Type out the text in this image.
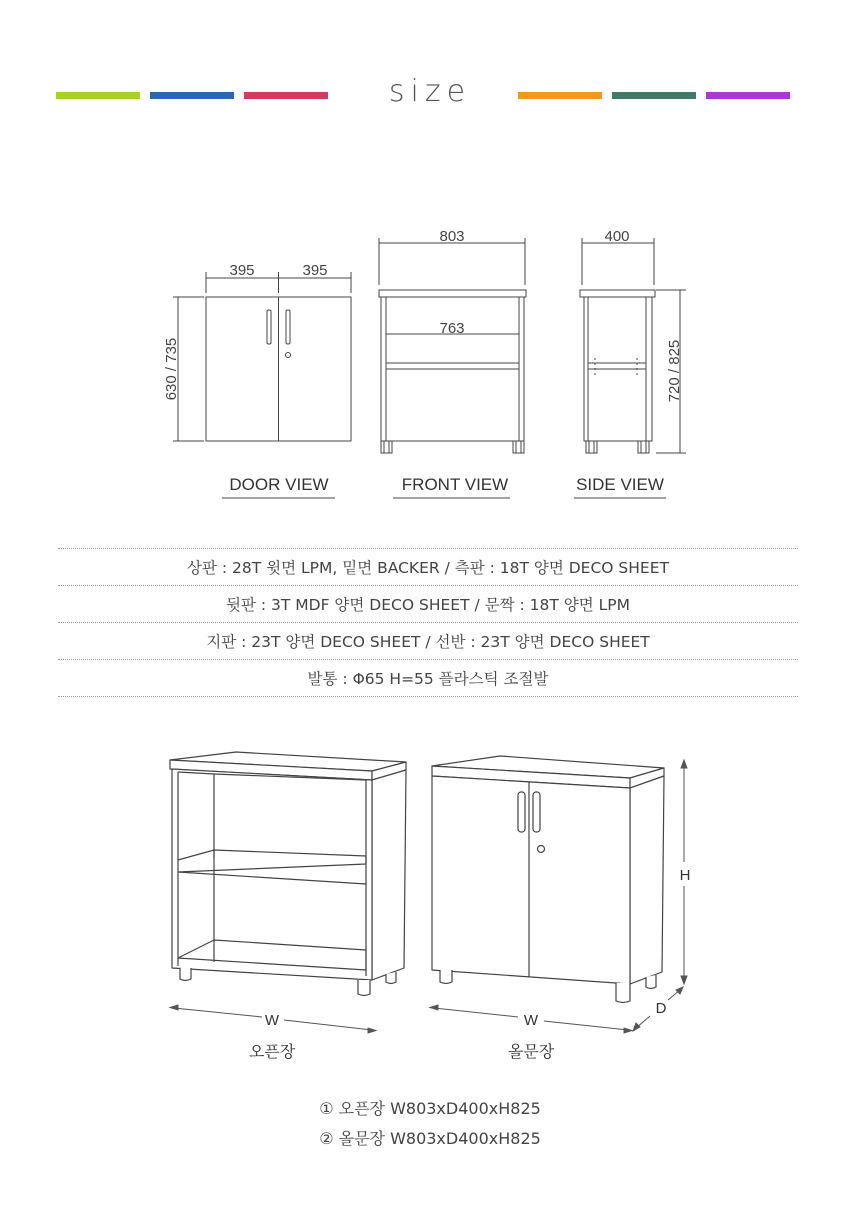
size
395	395
803
763
400
630 / 735	720 / 825
DOOR VIEW	FRONT VIEW	SIDE VIEW
상판 : 28T 윗면 LPM, 밑면 BACKER / 측판 : 18T 양면 DECO SHEET
뒷판 : 3T MDF 양면 DECO SHEET / 문짝 : 18T 양면 LPM
지판 : 23T 양면 DECO SHEET / 선반 : 23T 양면 DECO SHEET
발통 : Φ65 H=55 플라스틱 조절발
W	W
H
D
오픈장	올문장
① 오픈장 W803xD400xH825
② 올문장 W803xD400xH825
